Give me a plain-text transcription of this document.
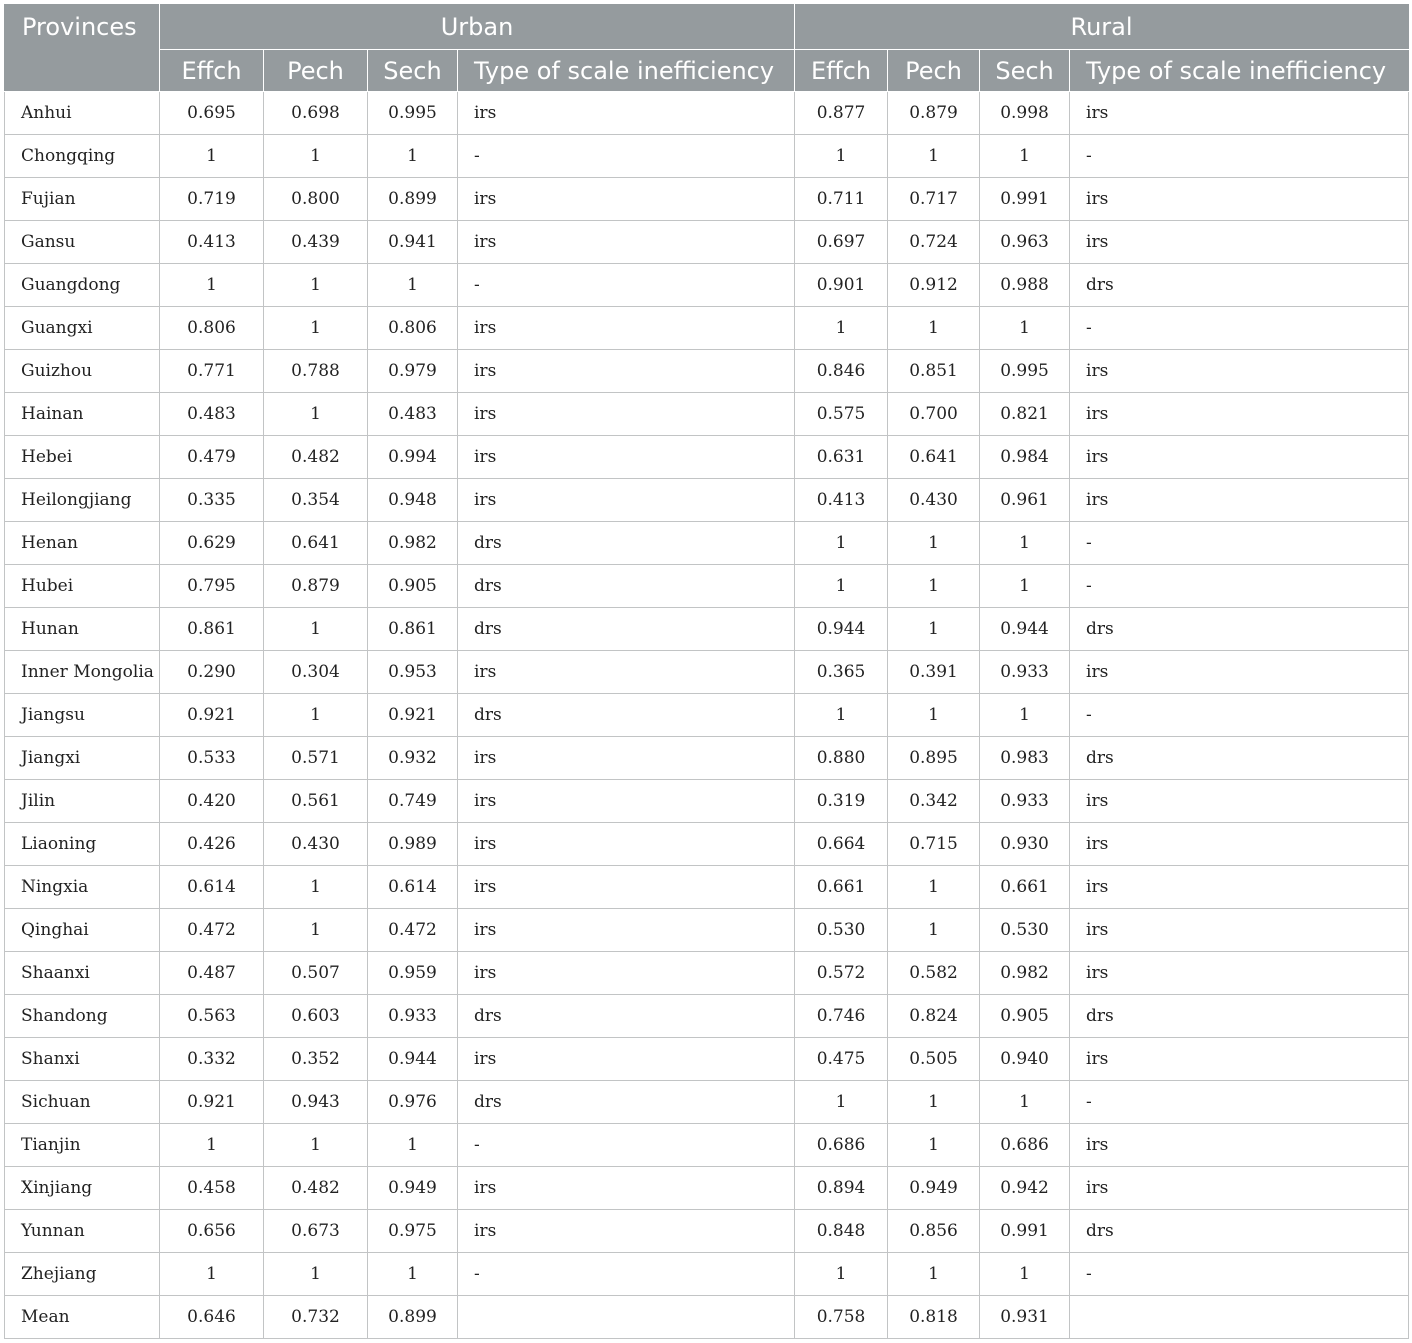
Provinces	Urban				Rural			
	Effch	Pech	Sech	Type of scale inefficiency	Effch	Pech	Sech	Type of scale inefficiency
Anhui	0.695	0.698	0.995	irs	0.877	0.879	0.998	irs
Chongqing	1	1	1	-	1	1	1	-
Fujian	0.719	0.800	0.899	irs	0.711	0.717	0.991	irs
Gansu	0.413	0.439	0.941	irs	0.697	0.724	0.963	irs
Guangdong	1	1	1	-	0.901	0.912	0.988	drs
Guangxi	0.806	1	0.806	irs	1	1	1	-
Guizhou	0.771	0.788	0.979	irs	0.846	0.851	0.995	irs
Hainan	0.483	1	0.483	irs	0.575	0.700	0.821	irs
Hebei	0.479	0.482	0.994	irs	0.631	0.641	0.984	irs
Heilongjiang	0.335	0.354	0.948	irs	0.413	0.430	0.961	irs
Henan	0.629	0.641	0.982	drs	1	1	1	-
Hubei	0.795	0.879	0.905	drs	1	1	1	-
Hunan	0.861	1	0.861	drs	0.944	1	0.944	drs
Inner Mongolia	0.290	0.304	0.953	irs	0.365	0.391	0.933	irs
Jiangsu	0.921	1	0.921	drs	1	1	1	-
Jiangxi	0.533	0.571	0.932	irs	0.880	0.895	0.983	drs
Jilin	0.420	0.561	0.749	irs	0.319	0.342	0.933	irs
Liaoning	0.426	0.430	0.989	irs	0.664	0.715	0.930	irs
Ningxia	0.614	1	0.614	irs	0.661	1	0.661	irs
Qinghai	0.472	1	0.472	irs	0.530	1	0.530	irs
Shaanxi	0.487	0.507	0.959	irs	0.572	0.582	0.982	irs
Shandong	0.563	0.603	0.933	drs	0.746	0.824	0.905	drs
Shanxi	0.332	0.352	0.944	irs	0.475	0.505	0.940	irs
Sichuan	0.921	0.943	0.976	drs	1	1	1	-
Tianjin	1	1	1	-	0.686	1	0.686	irs
Xinjiang	0.458	0.482	0.949	irs	0.894	0.949	0.942	irs
Yunnan	0.656	0.673	0.975	irs	0.848	0.856	0.991	drs
Zhejiang	1	1	1	-	1	1	1	-
Mean	0.646	0.732	0.899		0.758	0.818	0.931	
